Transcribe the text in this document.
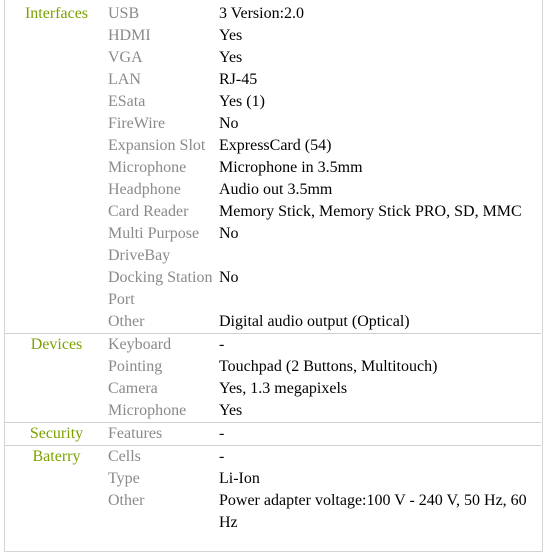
Interfaces	USB	3 Version:2.0
	HDMI	Yes
	VGA	Yes
	LAN	RJ-45
	ESata	Yes (1)
	FireWire	No
	Expansion Slot	ExpressCard (54)
	Microphone	Microphone in 3.5mm
	Headphone	Audio out 3.5mm
	Card Reader	Memory Stick, Memory Stick PRO, SD, MMC
	Multi Purpose DriveBay	No
	Docking Station Port	No
	Other	Digital audio output (Optical)
Devices	Keyboard	-
	Pointing	Touchpad (2 Buttons, Multitouch)
	Camera	Yes, 1.3 megapixels
	Microphone	Yes
Security	Features	-
Baterry	Cells	-
	Type	Li-Ion
	Other	Power adapter voltage:100 V - 240 V, 50 Hz, 60 Hz
